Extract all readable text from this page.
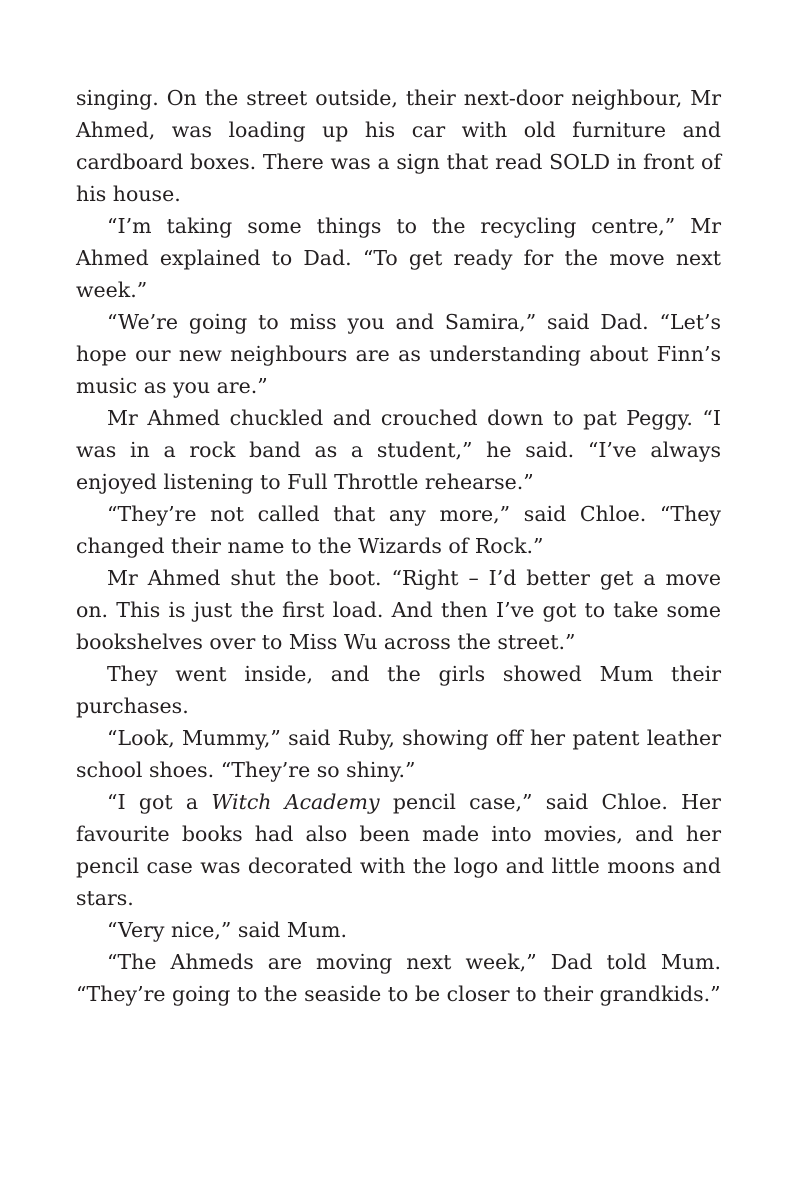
singing. On the street outside, their next-door neighbour, Mr Ahmed, was loading up his car with old furniture and cardboard boxes. There was a sign that read SOLD in front of his house.

“I’m taking some things to the recycling centre,” Mr Ahmed explained to Dad. “To get ready for the move next week.”

“We’re going to miss you and Samira,” said Dad. “Let’s hope our new neighbours are as understanding about Finn’s music as you are.”

Mr Ahmed chuckled and crouched down to pat Peggy. “I was in a rock band as a student,” he said. “I’ve always enjoyed listening to Full Throttle rehearse.”

“They’re not called that any more,” said Chloe. “They changed their name to the Wizards of Rock.”

Mr Ahmed shut the boot. “Right – I’d better get a move on. This is just the first load. And then I’ve got to take some bookshelves over to Miss Wu across the street.”

They went inside, and the girls showed Mum their purchases.

“Look, Mummy,” said Ruby, showing off her patent leather school shoes. “They’re so shiny.”

“I got a Witch Academy pencil case,” said Chloe. Her favourite books had also been made into movies, and her pencil case was decorated with the logo and little moons and stars.

“Very nice,” said Mum.

“The Ahmeds are moving next week,” Dad told Mum. “They’re going to the seaside to be closer to their grandkids.”
